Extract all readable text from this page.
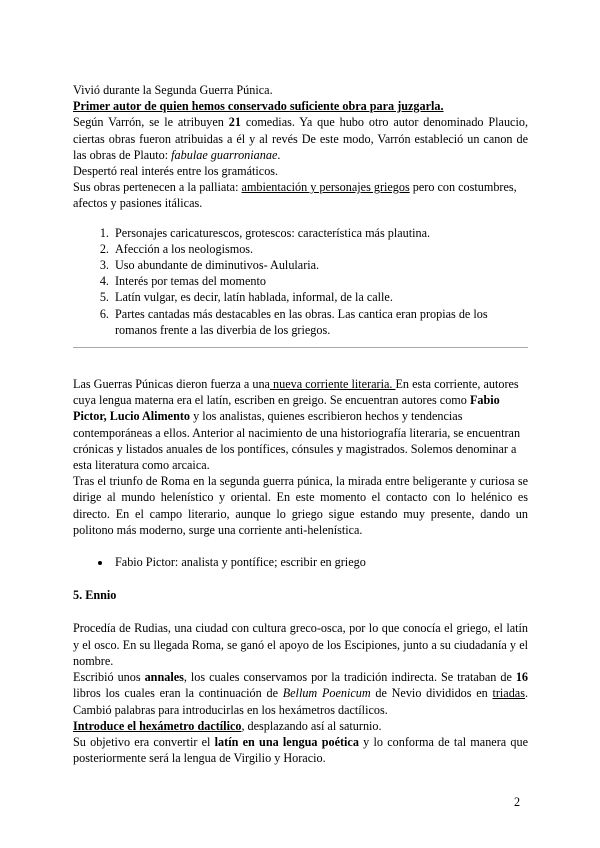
Vivió durante la Segunda Guerra Púnica.

Primer autor de quien hemos conservado suficiente obra para juzgarla.

Según Varrón, se le atribuyen 21 comedias. Ya que hubo otro autor denominado Plaucio, ciertas obras fueron atribuidas a él y al revés De este modo, Varrón estableció un canon de las obras de Plauto: fabulae guarronianae.

Despertó real interés entre los gramáticos.

Sus obras pertenecen a la palliata: ambientación y personajes griegos pero con costumbres, afectos y pasiones itálicas.

1. Personajes caricaturescos, grotescos: característica más plautina.
2. Afección a los neologismos.
3. Uso abundante de diminutivos- Aulularia.
4. Interés por temas del momento
5. Latín vulgar, es decir, latín hablada, informal, de la calle.
6. Partes cantadas más destacables en las obras. Las cantica eran propias de los romanos frente a las diverbia de los griegos.

Las Guerras Púnicas dieron fuerza a una nueva corriente literaria. En esta corriente, autores cuya lengua materna era el latín, escriben en greigo. Se encuentran autores como Fabio Pictor, Lucio Alimento y los analistas, quienes escribieron hechos y tendencias contemporáneas a ellos. Anterior al nacimiento de una historiografía literaria, se encuentran crónicas y listados anuales de los pontífices, cónsules y magistrados. Solemos denominar a esta literatura como arcaica.

Tras el triunfo de Roma en la segunda guerra púnica, la mirada entre beligerante y curiosa se dirige al mundo helenístico y oriental. En este momento el contacto con lo helénico es directo. En el campo literario, aunque lo griego sigue estando muy presente, dando un politono más moderno, surge una corriente anti-helenística.

• Fabio Pictor: analista y pontífice; escribir en griego
5. Ennio

Procedía de Rudias, una ciudad con cultura greco-osca, por lo que conocía el griego, el latín y el osco. En su llegada Roma, se ganó el apoyo de los Escipiones, junto a su ciudadanía y el nombre.

Escribió unos annales, los cuales conservamos por la tradición indirecta. Se trataban de 16 libros los cuales eran la continuación de Bellum Poenicum de Nevio divididos en triadas. Cambió palabras para introducirlas en los hexámetros dactílicos.

Introduce el hexámetro dactílico, desplazando así al saturnio.

Su objetivo era convertir el latín en una lengua poética y lo conforma de tal manera que posteriormente será la lengua de Virgilio y Horacio.

2
